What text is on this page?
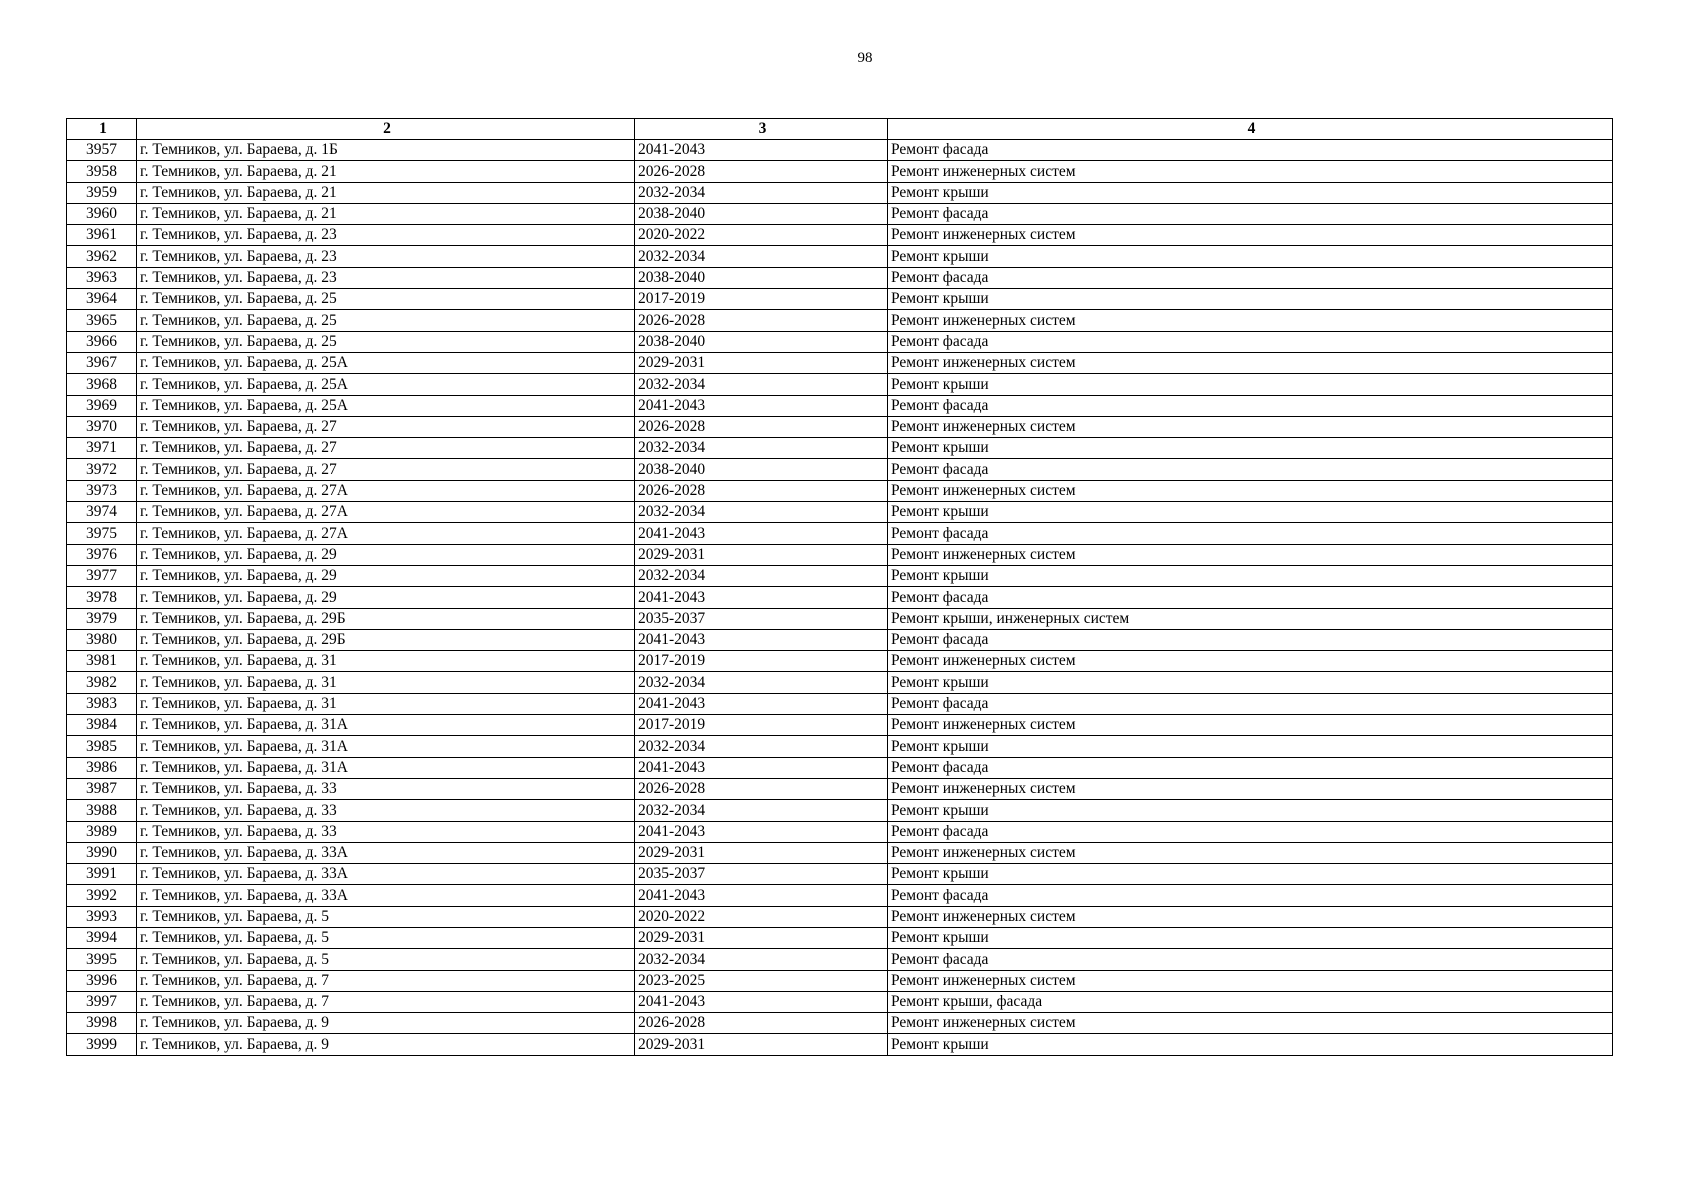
98
1	2	3	4
3957	г. Темников, ул. Бараева, д. 1Б	2041-2043	Ремонт фасада
3958	г. Темников, ул. Бараева, д. 21	2026-2028	Ремонт инженерных систем
3959	г. Темников, ул. Бараева, д. 21	2032-2034	Ремонт крыши
3960	г. Темников, ул. Бараева, д. 21	2038-2040	Ремонт фасада
3961	г. Темников, ул. Бараева, д. 23	2020-2022	Ремонт инженерных систем
3962	г. Темников, ул. Бараева, д. 23	2032-2034	Ремонт крыши
3963	г. Темников, ул. Бараева, д. 23	2038-2040	Ремонт фасада
3964	г. Темников, ул. Бараева, д. 25	2017-2019	Ремонт крыши
3965	г. Темников, ул. Бараева, д. 25	2026-2028	Ремонт инженерных систем
3966	г. Темников, ул. Бараева, д. 25	2038-2040	Ремонт фасада
3967	г. Темников, ул. Бараева, д. 25А	2029-2031	Ремонт инженерных систем
3968	г. Темников, ул. Бараева, д. 25А	2032-2034	Ремонт крыши
3969	г. Темников, ул. Бараева, д. 25А	2041-2043	Ремонт фасада
3970	г. Темников, ул. Бараева, д. 27	2026-2028	Ремонт инженерных систем
3971	г. Темников, ул. Бараева, д. 27	2032-2034	Ремонт крыши
3972	г. Темников, ул. Бараева, д. 27	2038-2040	Ремонт фасада
3973	г. Темников, ул. Бараева, д. 27А	2026-2028	Ремонт инженерных систем
3974	г. Темников, ул. Бараева, д. 27А	2032-2034	Ремонт крыши
3975	г. Темников, ул. Бараева, д. 27А	2041-2043	Ремонт фасада
3976	г. Темников, ул. Бараева, д. 29	2029-2031	Ремонт инженерных систем
3977	г. Темников, ул. Бараева, д. 29	2032-2034	Ремонт крыши
3978	г. Темников, ул. Бараева, д. 29	2041-2043	Ремонт фасада
3979	г. Темников, ул. Бараева, д. 29Б	2035-2037	Ремонт крыши, инженерных систем
3980	г. Темников, ул. Бараева, д. 29Б	2041-2043	Ремонт фасада
3981	г. Темников, ул. Бараева, д. 31	2017-2019	Ремонт инженерных систем
3982	г. Темников, ул. Бараева, д. 31	2032-2034	Ремонт крыши
3983	г. Темников, ул. Бараева, д. 31	2041-2043	Ремонт фасада
3984	г. Темников, ул. Бараева, д. 31А	2017-2019	Ремонт инженерных систем
3985	г. Темников, ул. Бараева, д. 31А	2032-2034	Ремонт крыши
3986	г. Темников, ул. Бараева, д. 31А	2041-2043	Ремонт фасада
3987	г. Темников, ул. Бараева, д. 33	2026-2028	Ремонт инженерных систем
3988	г. Темников, ул. Бараева, д. 33	2032-2034	Ремонт крыши
3989	г. Темников, ул. Бараева, д. 33	2041-2043	Ремонт фасада
3990	г. Темников, ул. Бараева, д. 33А	2029-2031	Ремонт инженерных систем
3991	г. Темников, ул. Бараева, д. 33А	2035-2037	Ремонт крыши
3992	г. Темников, ул. Бараева, д. 33А	2041-2043	Ремонт фасада
3993	г. Темников, ул. Бараева, д. 5	2020-2022	Ремонт инженерных систем
3994	г. Темников, ул. Бараева, д. 5	2029-2031	Ремонт крыши
3995	г. Темников, ул. Бараева, д. 5	2032-2034	Ремонт фасада
3996	г. Темников, ул. Бараева, д. 7	2023-2025	Ремонт инженерных систем
3997	г. Темников, ул. Бараева, д. 7	2041-2043	Ремонт крыши, фасада
3998	г. Темников, ул. Бараева, д. 9	2026-2028	Ремонт инженерных систем
3999	г. Темников, ул. Бараева, д. 9	2029-2031	Ремонт крыши
